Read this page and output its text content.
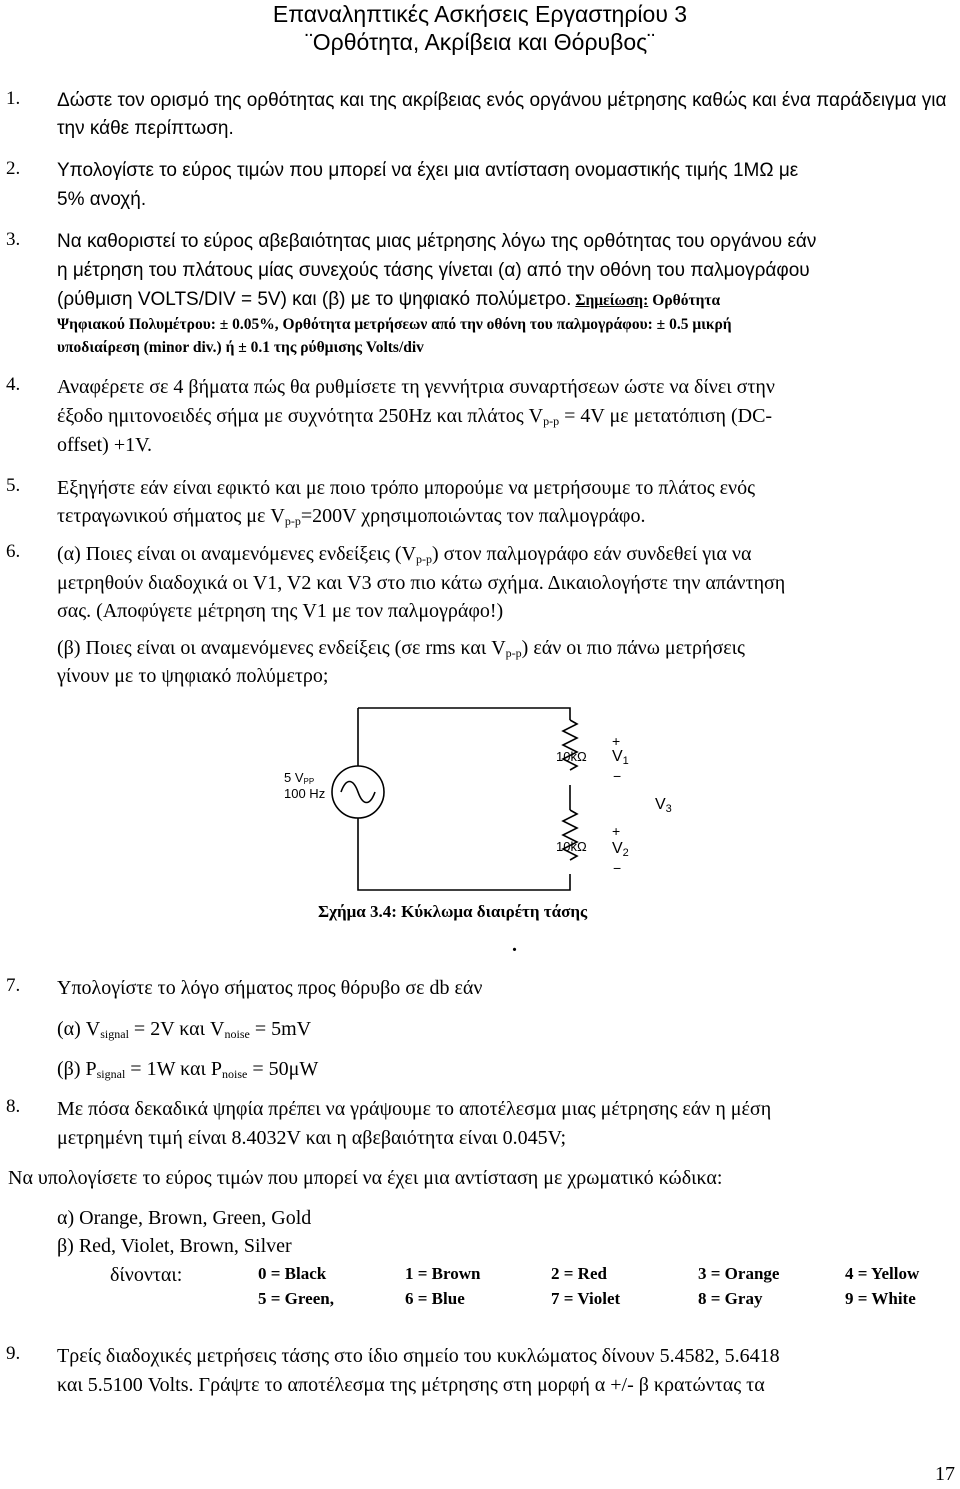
Επαναληπτικές Ασκήσεις Εργαστηρίου 3
¨Ορθότητα, Ακρίβεια και Θόρυβος¨
1. Δώστε τον ορισμό της ορθότητας και της ακρίβειας ενός οργάνου μέτρησης καθώς και ένα παράδειγμα για την κάθε περίπτωση.
2. Υπολογίστε το εύρος τιμών που μπορεί να έχει μια αντίσταση ονομαστικής τιμής 1ΜΩ με
5% ανοχή.
3. Να καθοριστεί το εύρος αβεβαιότητας μιας μέτρησης λόγω της ορθότητας του οργάνου εάν
η μέτρηση του πλάτους μίας συνεχούς τάσης γίνεται (α) από την οθόνη του παλμογράφου
(ρύθμιση VOLTS/DIV = 5V) και (β) με το ψηφιακό πολύμετρο. Σημείωση: Ορθότητα
Ψηφιακού Πολυμέτρου: ± 0.05%, Ορθότητα μετρήσεων από την οθόνη του παλμογράφου: ± 0.5 μικρή
υποδιαίρεση (minor div.) ή ± 0.1 της ρύθμισης Volts/div
4. Αναφέρετε σε 4 βήματα πώς θα ρυθμίσετε τη γεννήτρια συναρτήσεων ώστε να δίνει στην
έξοδο ημιτονοειδές σήμα με συχνότητα 250Hz και πλάτος $V_{p-p} = 4V$ με μετατόπιση (DC-
offset) +1V.
5. Εξηγήστε εάν είναι εφικτό και με ποιο τρόπο μπορούμε να μετρήσουμε το πλάτος ενός
τετραγωνικού σήματος με $V_{p-p}=200V$ χρησιμοποιώντας τον παλμογράφο.
6. (α) Ποιες είναι οι αναμενόμενες ενδείξεις $(V_{p-p})$ στον παλμογράφο εάν συνδεθεί για να
μετρηθούν διαδοχικά οι V1, V2 και V3 στο πιο κάτω σχήμα. Δικαιολογήστε την απάντηση
σας. (Αποφύγετε μέτρηση της V1 με τον παλμογράφο!)
(β) Ποιες είναι οι αναμενόμενες ενδείξεις (σε rms και $V_{p-p}$) εάν οι πιο πάνω μετρήσεις
γίνουν με το ψηφιακό πολύμετρο;
5 $V_{PP}$
100 Hz
10kΩ
10kΩ
+
$V_1$
−
$V_3$
+
$V_2$
−
Σχήμα 3.4: Κύκλωμα διαιρέτη τάσης
.
7. Υπολογίστε το λόγο σήματος προς θόρυβο σε db εάν
(α) $V_{signal} = 2V$ και $V_{noise} = 5mV$
(β) $P_{signal} = 1W$ και $P_{noise} = 50\mu W$
8. Με πόσα δεκαδικά ψηφία πρέπει να γράψουμε το αποτέλεσμα μιας μέτρησης εάν η μέση
μετρημένη τιμή είναι 8.4032V και η αβεβαιότητα είναι 0.045V;
Να υπολογίσετε το εύρος τιμών που μπορεί να έχει μια αντίσταση με χρωματικό κώδικα:
α) Orange, Brown, Green, Gold
β) Red, Violet, Brown, Silver
δίνονται:	0 = Black	1 = Brown	2 = Red	3 = Orange	4 = Yellow
5 = Green,	6 = Blue	7 = Violet	8 = Gray	9 = White
9. Τρείς διαδοχικές μετρήσεις τάσης στο ίδιο σημείο του κυκλώματος δίνουν 5.4582, 5.6418
και 5.5100 Volts. Γράψτε το αποτέλεσμα της μέτρησης στη μορφή α +/- β κρατώντας τα
17
